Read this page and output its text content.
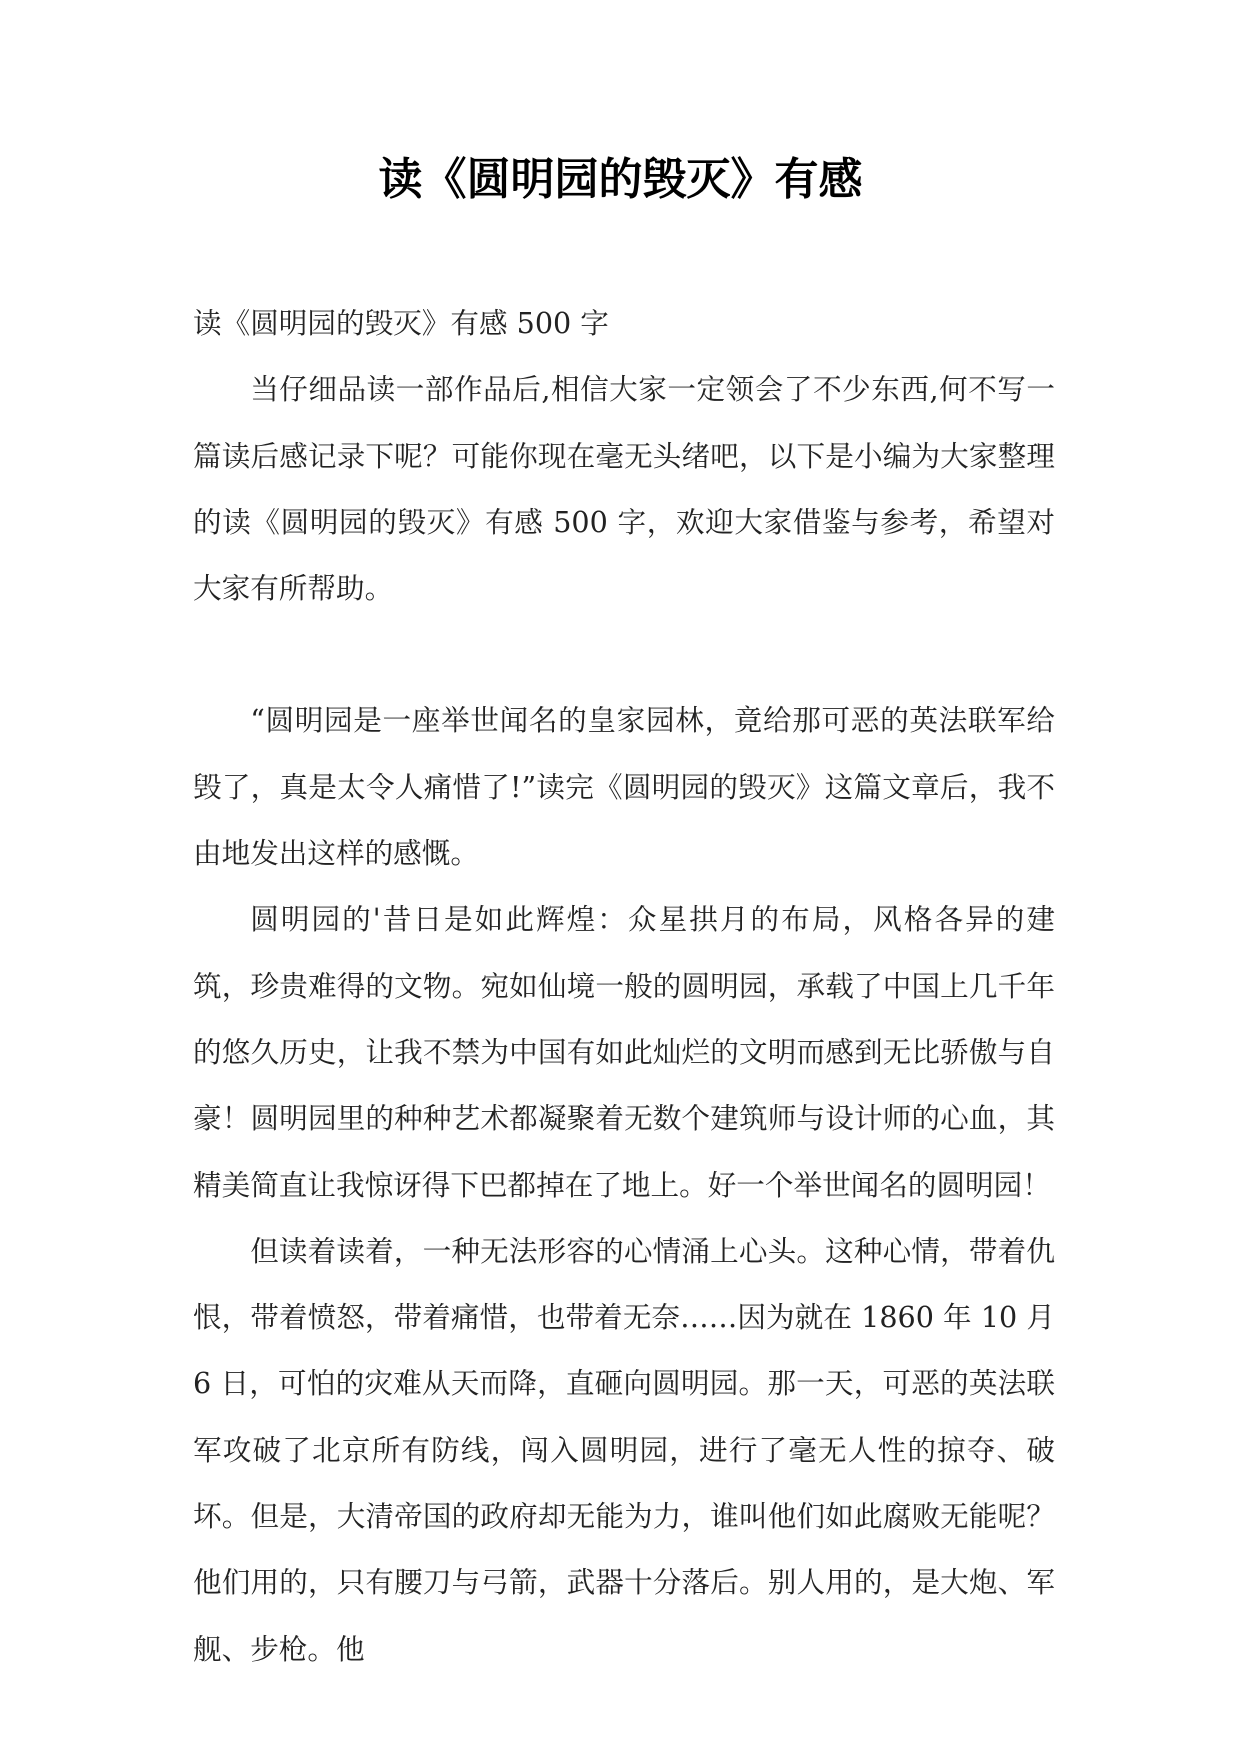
读《圆明园的毁灭》有感

读《圆明园的毁灭》有感 500 字

当仔细品读一部作品后,相信大家一定领会了不少东西,何不写一篇读后感记录下呢？可能你现在毫无头绪吧，以下是小编为大家整理的读《圆明园的毁灭》有感 500 字，欢迎大家借鉴与参考，希望对大家有所帮助。

“圆明园是一座举世闻名的皇家园林，竟给那可恶的英法联军给毁了，真是太令人痛惜了!”读完《圆明园的毁灭》这篇文章后，我不由地发出这样的感慨。

圆明园的'昔日是如此辉煌：众星拱月的布局，风格各异的建筑，珍贵难得的文物。宛如仙境一般的圆明园，承载了中国上几千年的悠久历史，让我不禁为中国有如此灿烂的文明而感到无比骄傲与自豪！圆明园里的种种艺术都凝聚着无数个建筑师与设计师的心血，其精美简直让我惊讶得下巴都掉在了地上。好一个举世闻名的圆明园！

但读着读着，一种无法形容的心情涌上心头。这种心情，带着仇恨，带着愤怒，带着痛惜，也带着无奈……因为就在 1860 年 10 月 6 日，可怕的灾难从天而降，直砸向圆明园。那一天，可恶的英法联军攻破了北京所有防线，闯入圆明园，进行了毫无人性的掠夺、破坏。但是，大清帝国的政府却无能为力，谁叫他们如此腐败无能呢？他们用的，只有腰刀与弓箭，武器十分落后。别人用的，是大炮、军舰、步枪。他
